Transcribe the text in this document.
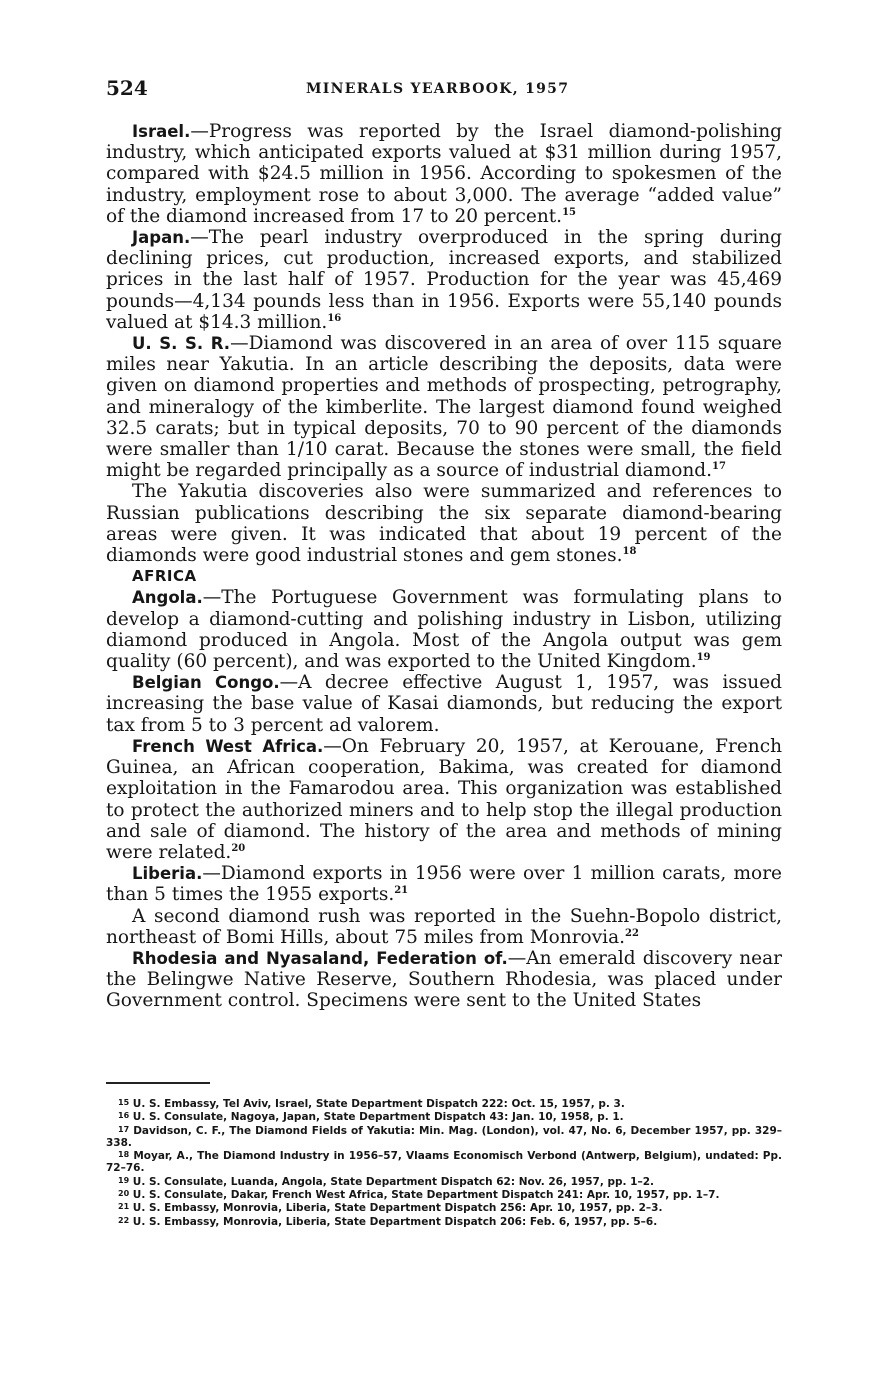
524	MINERALS YEARBOOK, 1957

Israel.—Progress was reported by the Israel diamond-polishing industry, which anticipated exports valued at $31 million during 1957, compared with $24.5 million in 1956. According to spokesmen of the industry, employment rose to about 3,000. The average “added value” of the diamond increased from 17 to 20 percent.$^{15}$

Japan.—The pearl industry overproduced in the spring during declining prices, cut production, increased exports, and stabilized prices in the last half of 1957. Production for the year was 45,469 pounds—4,134 pounds less than in 1956. Exports were 55,140 pounds valued at $14.3 million.$^{16}$

U. S. S. R.—Diamond was discovered in an area of over 115 square miles near Yakutia. In an article describing the deposits, data were given on diamond properties and methods of prospecting, petrography, and mineralogy of the kimberlite. The largest diamond found weighed 32.5 carats; but in typical deposits, 70 to 90 percent of the diamonds were smaller than 1/10 carat. Because the stones were small, the field might be regarded principally as a source of industrial diamond.$^{17}$

The Yakutia discoveries also were summarized and references to Russian publications describing the six separate diamond-bearing areas were given. It was indicated that about 19 percent of the diamonds were good industrial stones and gem stones.$^{18}$

AFRICA

Angola.—The Portuguese Government was formulating plans to develop a diamond-cutting and polishing industry in Lisbon, utilizing diamond produced in Angola. Most of the Angola output was gem quality (60 percent), and was exported to the United Kingdom.$^{19}$

Belgian Congo.—A decree effective August 1, 1957, was issued increasing the base value of Kasai diamonds, but reducing the export tax from 5 to 3 percent ad valorem.

French West Africa.—On February 20, 1957, at Kerouane, French Guinea, an African cooperation, Bakima, was created for diamond exploitation in the Famarodou area. This organization was established to protect the authorized miners and to help stop the illegal production and sale of diamond. The history of the area and methods of mining were related.$^{20}$

Liberia.—Diamond exports in 1956 were over 1 million carats, more than 5 times the 1955 exports.$^{21}$

A second diamond rush was reported in the Suehn-Bopolo district, northeast of Bomi Hills, about 75 miles from Monrovia.$^{22}$

Rhodesia and Nyasaland, Federation of.—An emerald discovery near the Belingwe Native Reserve, Southern Rhodesia, was placed under Government control. Specimens were sent to the United States

15 U. S. Embassy, Tel Aviv, Israel, State Department Dispatch 222: Oct. 15, 1957, p. 3.

16 U. S. Consulate, Nagoya, Japan, State Department Dispatch 43: Jan. 10, 1958, p. 1.

17 Davidson, C. F., The Diamond Fields of Yakutia: Min. Mag. (London), vol. 47, No. 6, December 1957, pp. 329–338.

18 Moyar, A., The Diamond Industry in 1956–57, Vlaams Economisch Verbond (Antwerp, Belgium), undated: Pp. 72–76.

19 U. S. Consulate, Luanda, Angola, State Department Dispatch 62: Nov. 26, 1957, pp. 1–2.

20 U. S. Consulate, Dakar, French West Africa, State Department Dispatch 241: Apr. 10, 1957, pp. 1–7.

21 U. S. Embassy, Monrovia, Liberia, State Department Dispatch 256: Apr. 10, 1957, pp. 2–3.

22 U. S. Embassy, Monrovia, Liberia, State Department Dispatch 206: Feb. 6, 1957, pp. 5–6.
